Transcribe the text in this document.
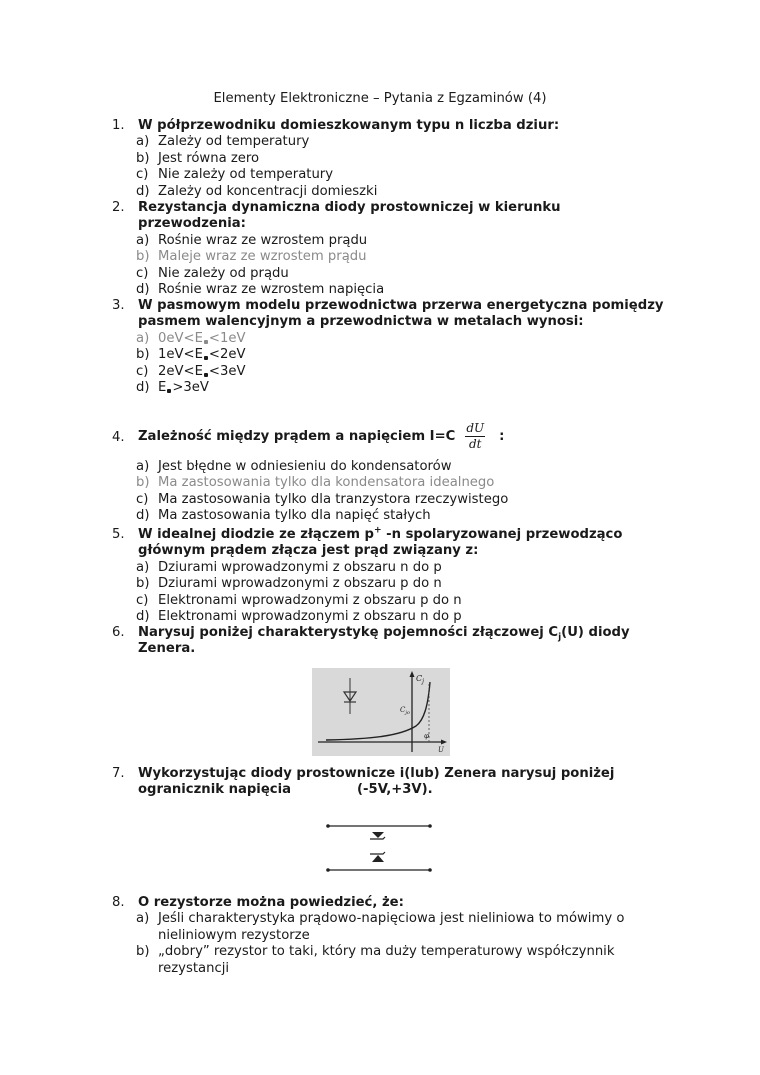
Elementy Elektroniczne – Pytania z Egzaminów (4)
1.	W półprzewodniku domieszkowanym typu n liczba dziur:
a) Zależy od temperatury
b) Jest równa zero
c) Nie zależy od temperatury
d) Zależy od koncentracji domieszki
2.	Rezystancja dynamiczna diody prostowniczej w kierunku przewodzenia:
a) Rośnie wraz ze wzrostem prądu
b) Maleje wraz ze wzrostem prądu
c) Nie zależy od prądu
d) Rośnie wraz ze wzrostem napięcia
3.	W pasmowym modelu przewodnictwa przerwa energetyczna pomiędzy pasmem walencyjnym a przewodnictwa w metalach wynosi:
a) 0eV<E <1eV
b) 1eV<E <2eV
c) 2eV<E <3eV
d) E >3eV
4.	Zależność między prądem a napięciem $I=C \frac{dU}{dt}$ :
a) Jest błędne w odniesieniu do kondensatorów
b) Ma zastosowania tylko dla kondensatora idealnego
c) Ma zastosowania tylko dla tranzystora rzeczywistego
d) Ma zastosowania tylko dla napięć stałych
5.	W idealnej diodzie ze złączem p+ -n spolaryzowanej przewodząco głównym prądem złącza jest prąd związany z:
a) Dziurami wprowadzonymi z obszaru n do p
b) Dziurami wprowadzonymi z obszaru p do n
c) Elektronami wprowadzonymi z obszaru p do n
d) Elektronami wprowadzonymi z obszaru n do p
6.	Narysuj poniżej charakterystykę pojemności złączowej $C_j(U)$ diody Zenera.
$C_j$
$C_{jo}$
φ
U
7.	Wykorzystując diody prostownicze i(lub) Zenera narysuj poniżej ogranicznik napięcia	(-5V,+3V).
8.	O rezystorze można powiedzieć, że:
a) Jeśli charakterystyka prądowo-napięciowa jest nieliniowa to mówimy o nieliniowym rezystorze
b) „dobry” rezystor to taki, który ma duży temperaturowy współczynnik rezystancji
